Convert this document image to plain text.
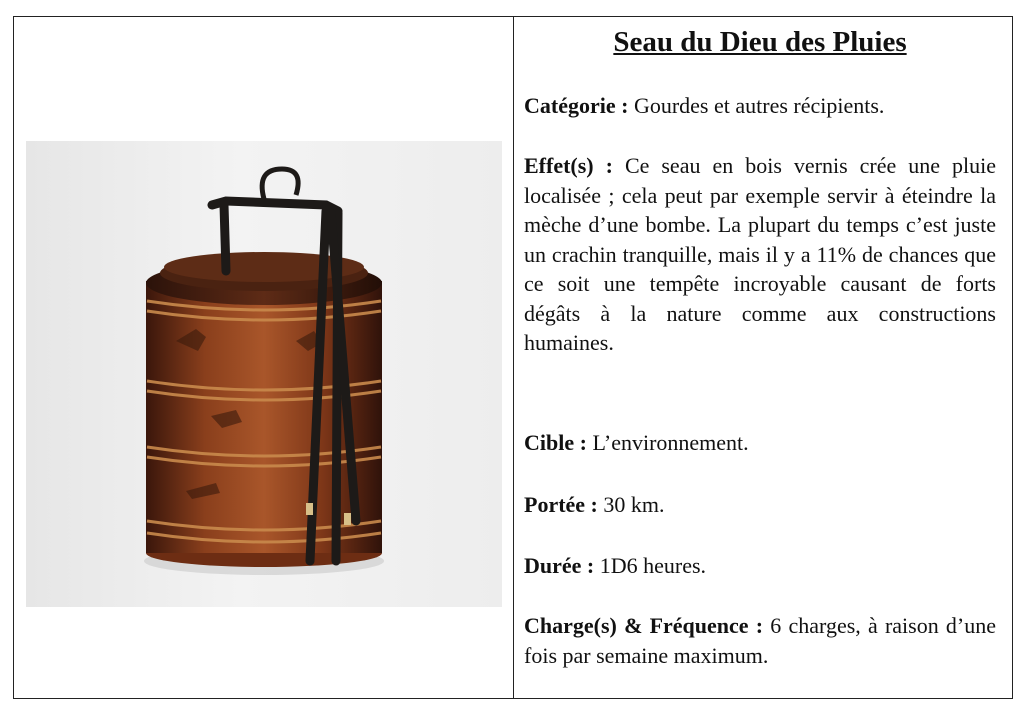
Seau du Dieu des Pluies
Catégorie : Gourdes et autres récipients.
Effet(s) : Ce seau en bois vernis crée une pluie localisée ; cela peut par exemple servir à éteindre la mèche d’une bombe. La plupart du temps c’est juste un crachin tranquille, mais il y a 11% de chances que ce soit une tempête incroyable causant de forts dégâts à la nature comme aux constructions humaines.
Cible : L’environnement.
Portée : 30 km.
Durée : 1D6 heures.
Charge(s) & Fréquence : 6 charges, à raison d’une fois par semaine maximum.
